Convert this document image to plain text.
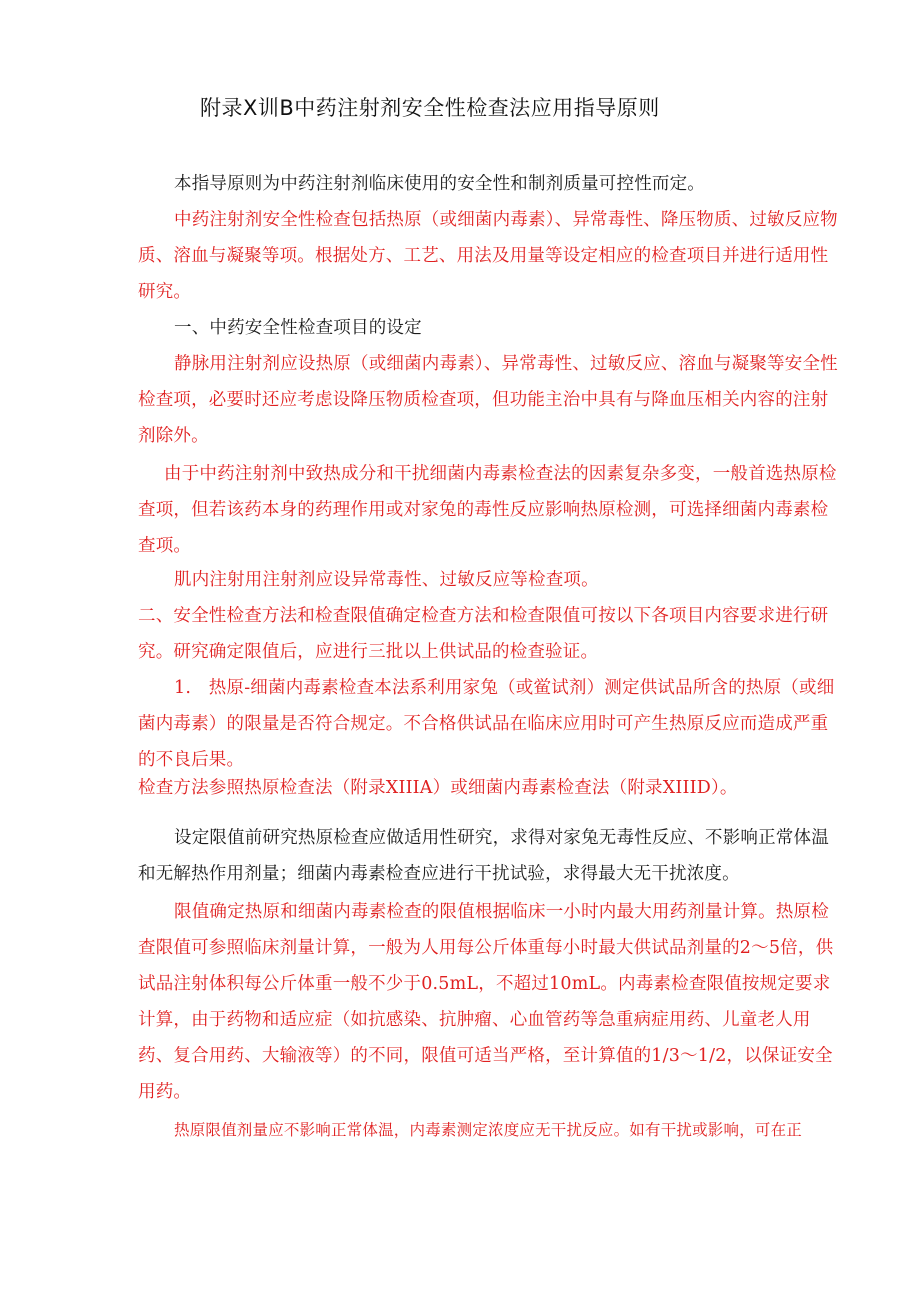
附录X训B中药注射剂安全性检查法应用指导原则

本指导原则为中药注射剂临床使用的安全性和制剂质量可控性而定。

中药注射剂安全性检查包括热原（或细菌内毒素）、异常毒性、降压物质、过敏反应物质、溶血与凝聚等项。根据处方、工艺、用法及用量等设定相应的检查项目并进行适用性研究。

一、中药安全性检查项目的设定

静脉用注射剂应设热原（或细菌内毒素）、异常毒性、过敏反应、溶血与凝聚等安全性检查项，必要时还应考虑设降压物质检查项，但功能主治中具有与降血压相关内容的注射剂除外。

由于中药注射剂中致热成分和干扰细菌内毒素检查法的因素复杂多变，一般首选热原检查项，但若该药本身的药理作用或对家兔的毒性反应影响热原检测，可选择细菌内毒素检查项。

肌内注射用注射剂应设异常毒性、过敏反应等检查项。

二、安全性检查方法和检查限值确定检查方法和检查限值可按以下各项目内容要求进行研究。研究确定限值后，应进行三批以上供试品的检查验证。

1.　热原-细菌内毒素检查本法系利用家兔（或鲎试剂）测定供试品所含的热原（或细菌内毒素）的限量是否符合规定。不合格供试品在临床应用时可产生热原反应而造成严重的不良后果。

检查方法参照热原检查法（附录XIIIA）或细菌内毒素检查法（附录XIIID）。

设定限值前研究热原检查应做适用性研究，求得对家兔无毒性反应、不影响正常体温和无解热作用剂量；细菌内毒素检查应进行干扰试验，求得最大无干扰浓度。

限值确定热原和细菌内毒素检查的限值根据临床一小时内最大用药剂量计算。热原检查限值可参照临床剂量计算，一般为人用每公斤体重每小时最大供试品剂量的2〜5倍，供试品注射体积每公斤体重一般不少于0.5mL，不超过10mL。内毒素检查限值按规定要求计算，由于药物和适应症（如抗感染、抗肿瘤、心血管药等急重病症用药、儿童老人用药、复合用药、大输液等）的不同，限值可适当严格，至计算值的1/3〜1/2，以保证安全用药。

热原限值剂量应不影响正常体温，内毒素测定浓度应无干扰反应。如有干扰或影响，可在正
